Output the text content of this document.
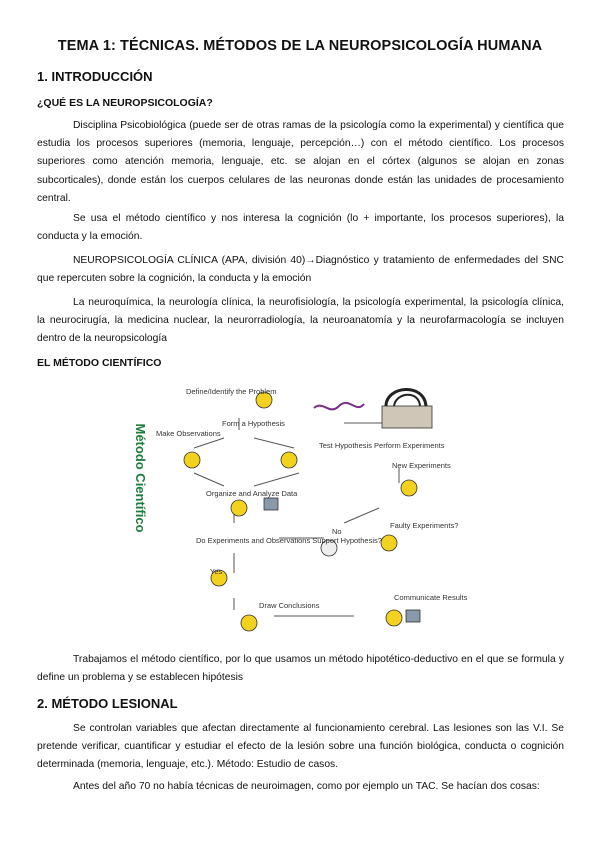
TEMA 1: TÉCNICAS. MÉTODOS DE LA NEUROPSICOLOGÍA HUMANA
1. INTRODUCCIÓN
¿QUÉ ES LA NEUROPSICOLOGÍA?

Disciplina Psicobiológica (puede ser de otras ramas de la psicología como la experimental) y científica que estudia los procesos superiores (memoria, lenguaje, percepción…) con el método científico. Los procesos superiores como atención memoria, lenguaje, etc. se alojan en el córtex (algunos se alojan en zonas subcorticales), donde están los cuerpos celulares de las neuronas donde están las unidades de procesamiento central.

Se usa el método científico y nos interesa la cognición (lo + importante, los procesos superiores), la conducta y la emoción.

NEUROPSICOLOGÍA CLÍNICA (APA, división 40)→Diagnóstico y tratamiento de enfermedades del SNC que repercuten sobre la cognición, la conducta y la emoción

La neuroquímica, la neurología clínica, la neurofisiología, la psicología experimental, la psicología clínica, la neurocirugía, la medicina nuclear, la neurorradiología, la neuroanatomía y la neurofarmacología se incluyen dentro de la neuropsicología

EL MÉTODO CIENTÍFICO
Método Científico
Define/Identify the Problem
Form a Hypothesis
Make Observations
Test Hypothesis Perform Experiments
Organize and Analyze Data
New Experiments
Do Experiments and Observations Support Hypothesis?
No
Faulty Experiments?
Yes
Draw Conclusions
Communicate Results

Trabajamos el método científico, por lo que usamos un método hipotético-deductivo en el que se formula y define un problema y se establecen hipótesis

2. MÉTODO LESIONAL

Se controlan variables que afectan directamente al funcionamiento cerebral. Las lesiones son las V.I. Se pretende verificar, cuantificar y estudiar el efecto de la lesión sobre una función biológica, conducta o cognición determinada (memoria, lenguaje, etc.). Método: Estudio de casos.

Antes del año 70 no había técnicas de neuroimagen, como por ejemplo un TAC. Se hacían dos cosas:
